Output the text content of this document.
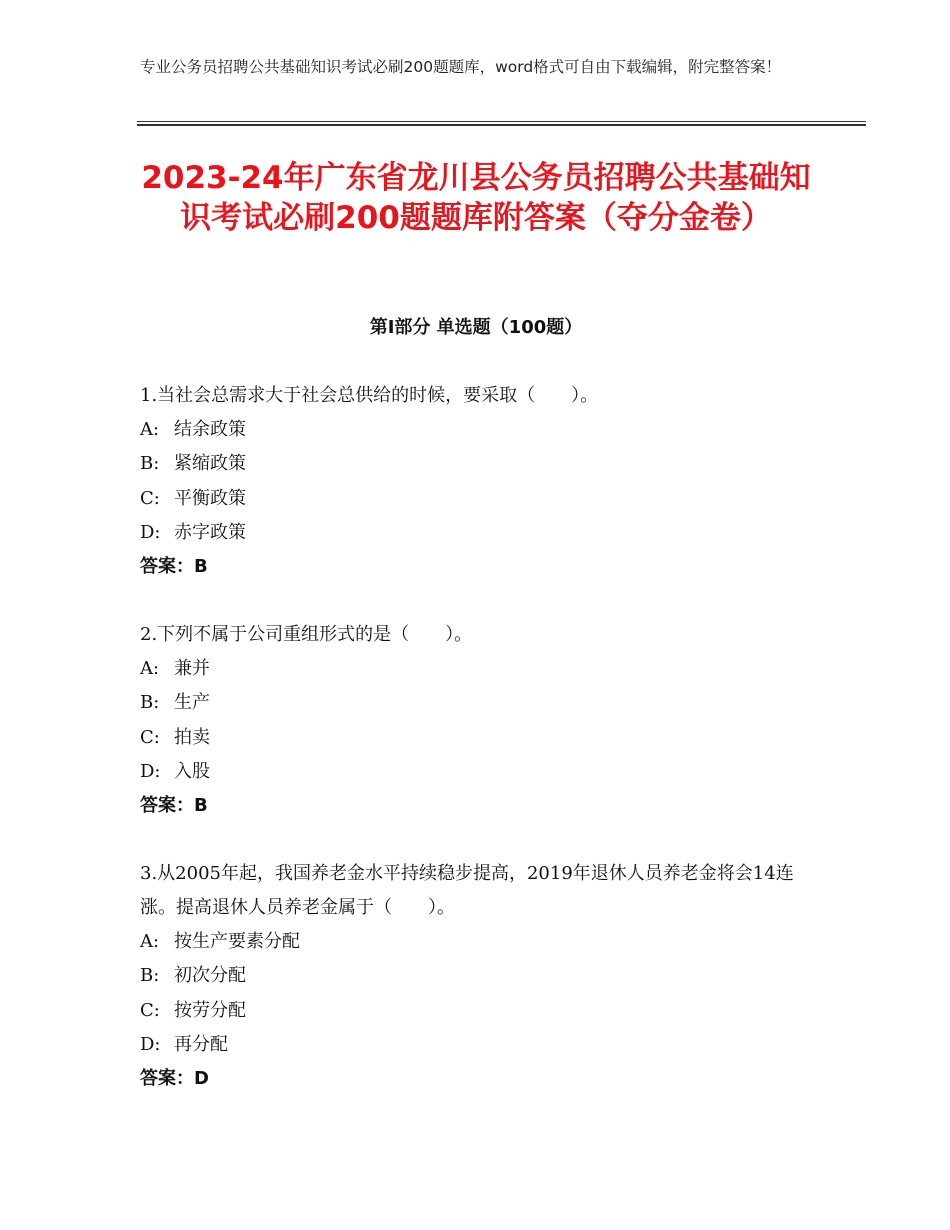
专业公务员招聘公共基础知识考试必刷200题题库，word格式可自由下载编辑，附完整答案！
2023-24年广东省龙川县公务员招聘公共基础知识考试必刷200题题库附答案（夺分金卷）
第Ⅰ部分 单选题（100题）

1.当社会总需求大于社会总供给的时候，要采取（　　）。

A: 结余政策

B: 紧缩政策

C: 平衡政策

D: 赤字政策

答案：B

2.下列不属于公司重组形式的是（　　）。

A: 兼并

B: 生产

C: 拍卖

D: 入股

答案：B

3.从2005年起，我国养老金水平持续稳步提高，2019年退休人员养老金将会14连涨。提高退休人员养老金属于（　　）。

A: 按生产要素分配

B: 初次分配

C: 按劳分配

D: 再分配

答案：D
